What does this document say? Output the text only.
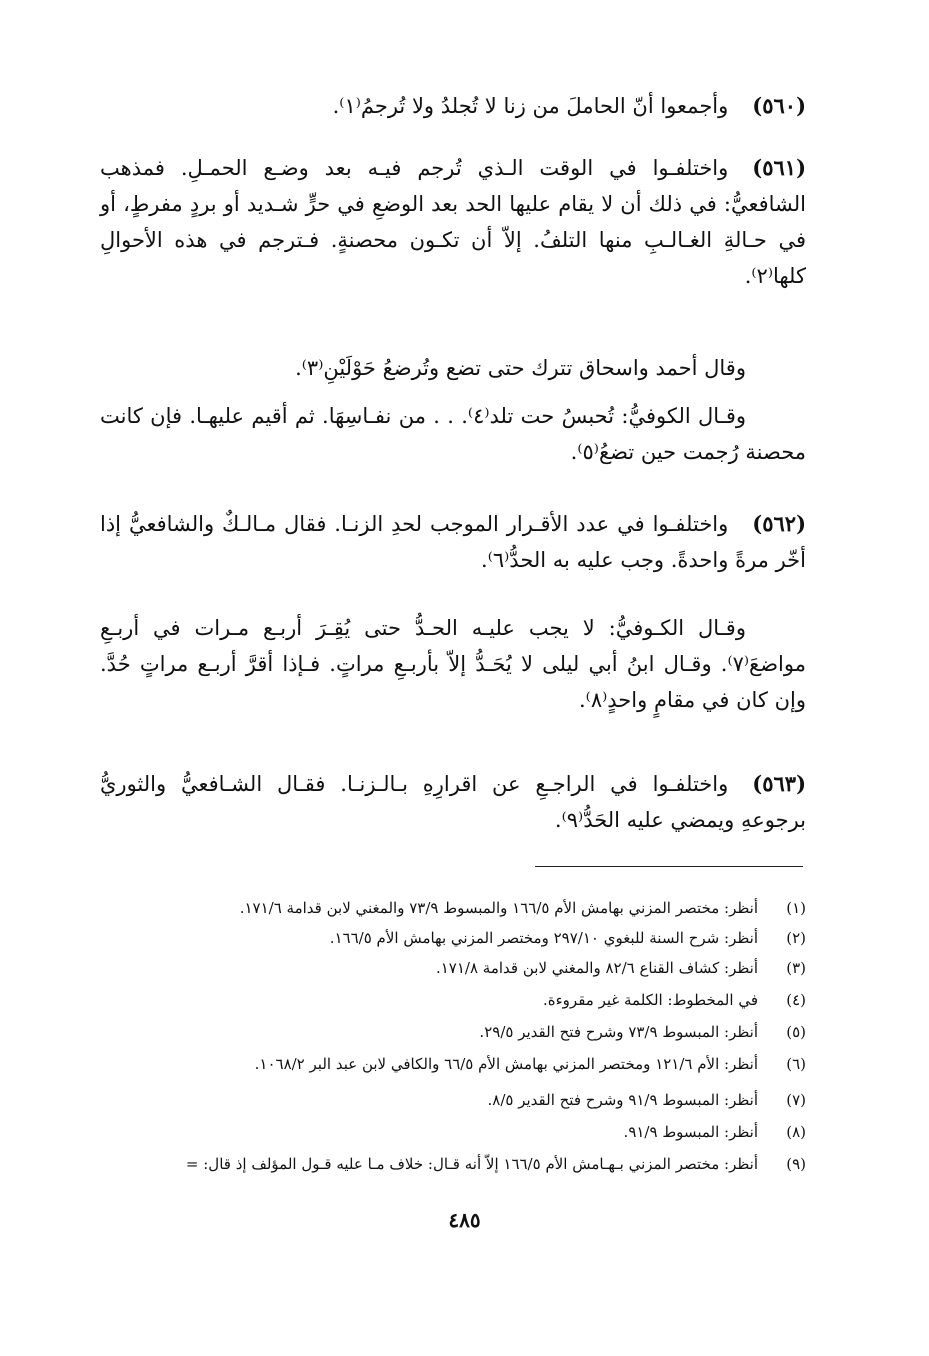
(٥٦٠)وأجمعوا أنّ الحاملَ من زنا لا تُجلدُ ولا تُرجمُ⁽١⁾.

(٥٦١)واختلفـوا في الوقت الـذي تُرجم فيـه بعد وضـع الحمـلِ. فمذهب الشافعيُّ: في ذلك أن لا يقام عليها الحد بعد الوضعِ في حرٍّ شـديد أو بردٍ مفرطٍ، أو في حـالةِ الغـالـبِ منها التلفُ. إلاّ أن تكـون محصنةٍ. فـترجم في هذه الأحوالِ كلها⁽٢⁾.

وقال أحمد واسحاق تترك حتى تضع وتُرضعُ حَوْلَيْنِ⁽٣⁾.

وقـال الكوفيُّ: تُحبسُ حت تلد⁽٤⁾. . . من نفـاسِهَا. ثم أقيم عليهـا. فإن كانت محصنة رُجمت حين تضعُ⁽٥⁾.

(٥٦٢)واختلفـوا في عدد الأقـرار الموجب لحدِ الزنـا. فقال مـالـكٌ والشافعيُّ إذا أخّر مرةً واحدةً. وجب عليه به الحدُّ⁽٦⁾.

وقـال الكـوفيُّ: لا يجب عليـه الحـدُّ حتى يُقِـرَ أربـع مـرات في أربـعِ مواضعَ⁽٧⁾. وقـال ابنُ أبي ليلى لا يُحَـدُّ إلاّ بأربـعِ مراتٍ. فـإذا أقرَّ أربـع مراتٍ حُدَّ. وإن كان في مقامٍ واحدٍ⁽٨⁾.

(٥٦٣)واختلفـوا في الراجـعِ عن اقرارِهِ بـالـزنـا. فقـال الشـافعيُّ والثوريُّ برجوعهِ ويمضي عليه الحَدُّ⁽٩⁾.

(١)أنظر: مختصر المزني بهامش الأم ١٦٦/٥ والمبسوط ٧٣/٩ والمغني لابن قدامة ١٧١/٦.
(٢)أنظر: شرح السنة للبغوي ٢٩٧/١٠ ومختصر المزني بهامش الأم ١٦٦/٥.
(٣)أنظر: كشاف القناع ٨٢/٦ والمغني لابن قدامة ١٧١/٨.
(٤)في المخطوط: الكلمة غير مقروءة.
(٥)أنظر: المبسوط ٧٣/٩ وشرح فتح القدير ٢٩/٥.
(٦)أنظر: الأم ١٢١/٦ ومختصر المزني بهامش الأم ٦٦/٥ والكافي لابن عبد البر ١٠٦٨/٢.
(٧)أنظر: المبسوط ٩١/٩ وشرح فتح القدير ٨/٥.
(٨)أنظر: المبسوط ٩١/٩.
(٩)أنظر: مختصر المزني بـهـامش الأم ١٦٦/٥ إلاّ أنه قـال: خلاف مـا عليه قـول المؤلف إذ قال: =
٤٨٥
